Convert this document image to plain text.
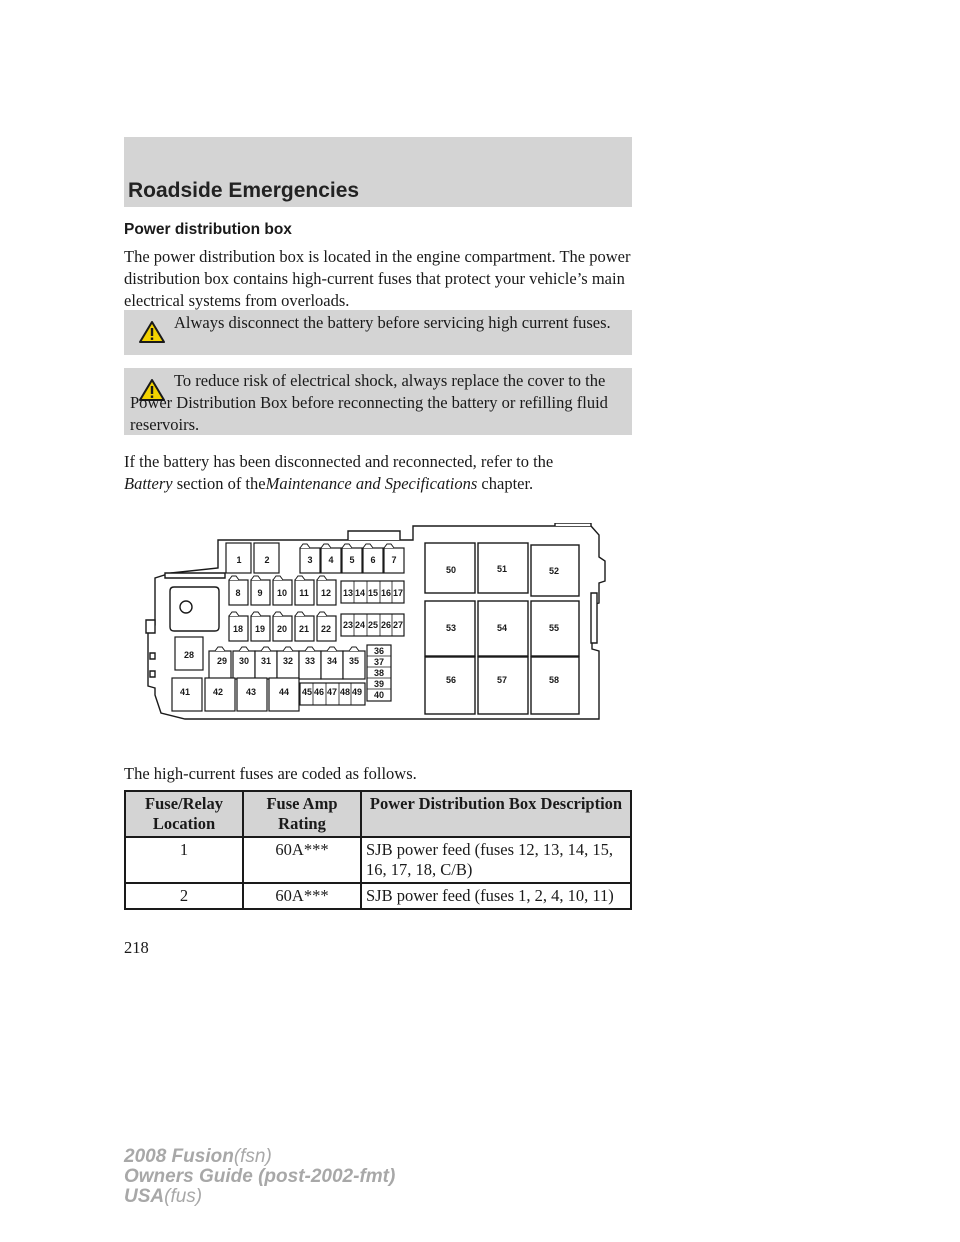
Roadside Emergencies
Power distribution box
The power distribution box is located in the engine compartment. The power distribution box contains high-current fuses that protect your vehicle’s main electrical systems from overloads.
Always disconnect the battery before servicing high current fuses.
To reduce risk of electrical shock, always replace the cover to the Power Distribution Box before reconnecting the battery or refilling fluid reservoirs.
If the battery has been disconnected and reconnected, refer to the
Battery section of theMaintenance and Specifications chapter.
1	2	3 4 5 6 7
8 9 10 11 12 13 14 15 16 17
18 19 20 21 22 23 24 25 26 27
28
29 30 31 32 33 34 35
36
37
38
39
40
41	42	43	44 45 46 47 48 49
50	51	52
53	54	55
56	57	58
The high-current fuses are coded as follows.
Fuse/Relay Location	Fuse Amp Rating	Power Distribution Box Description
1	60A***	SJB power feed (fuses 12, 13, 14, 15, 16, 17, 18, C/B)
2	60A***	SJB power feed (fuses 1, 2, 4, 10, 11)
218
2008 Fusion(fsn)
Owners Guide (post-2002-fmt)
USA(fus)
